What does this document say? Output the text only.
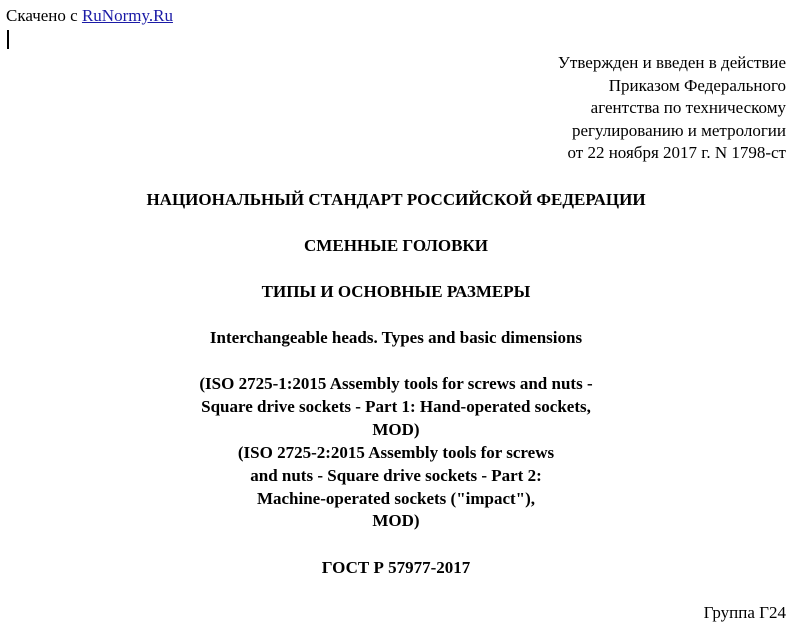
Скачено с RuNormy.Ru
Утвержден и введен в действие
Приказом Федерального
агентства по техническому
регулированию и метрологии
от 22 ноября 2017 г. N 1798-ст
НАЦИОНАЛЬНЫЙ СТАНДАРТ РОССИЙСКОЙ ФЕДЕРАЦИИ
СМЕННЫЕ ГОЛОВКИ
ТИПЫ И ОСНОВНЫЕ РАЗМЕРЫ
Interchangeable heads. Types and basic dimensions
(ISO 2725-1:2015 Assembly tools for screws and nuts -
Square drive sockets - Part 1: Hand-operated sockets,
MOD)
(ISO 2725-2:2015 Assembly tools for screws
and nuts - Square drive sockets - Part 2:
Machine-operated sockets ("impact"),
MOD)
ГОСТ Р 57977-2017
Группа Г24
